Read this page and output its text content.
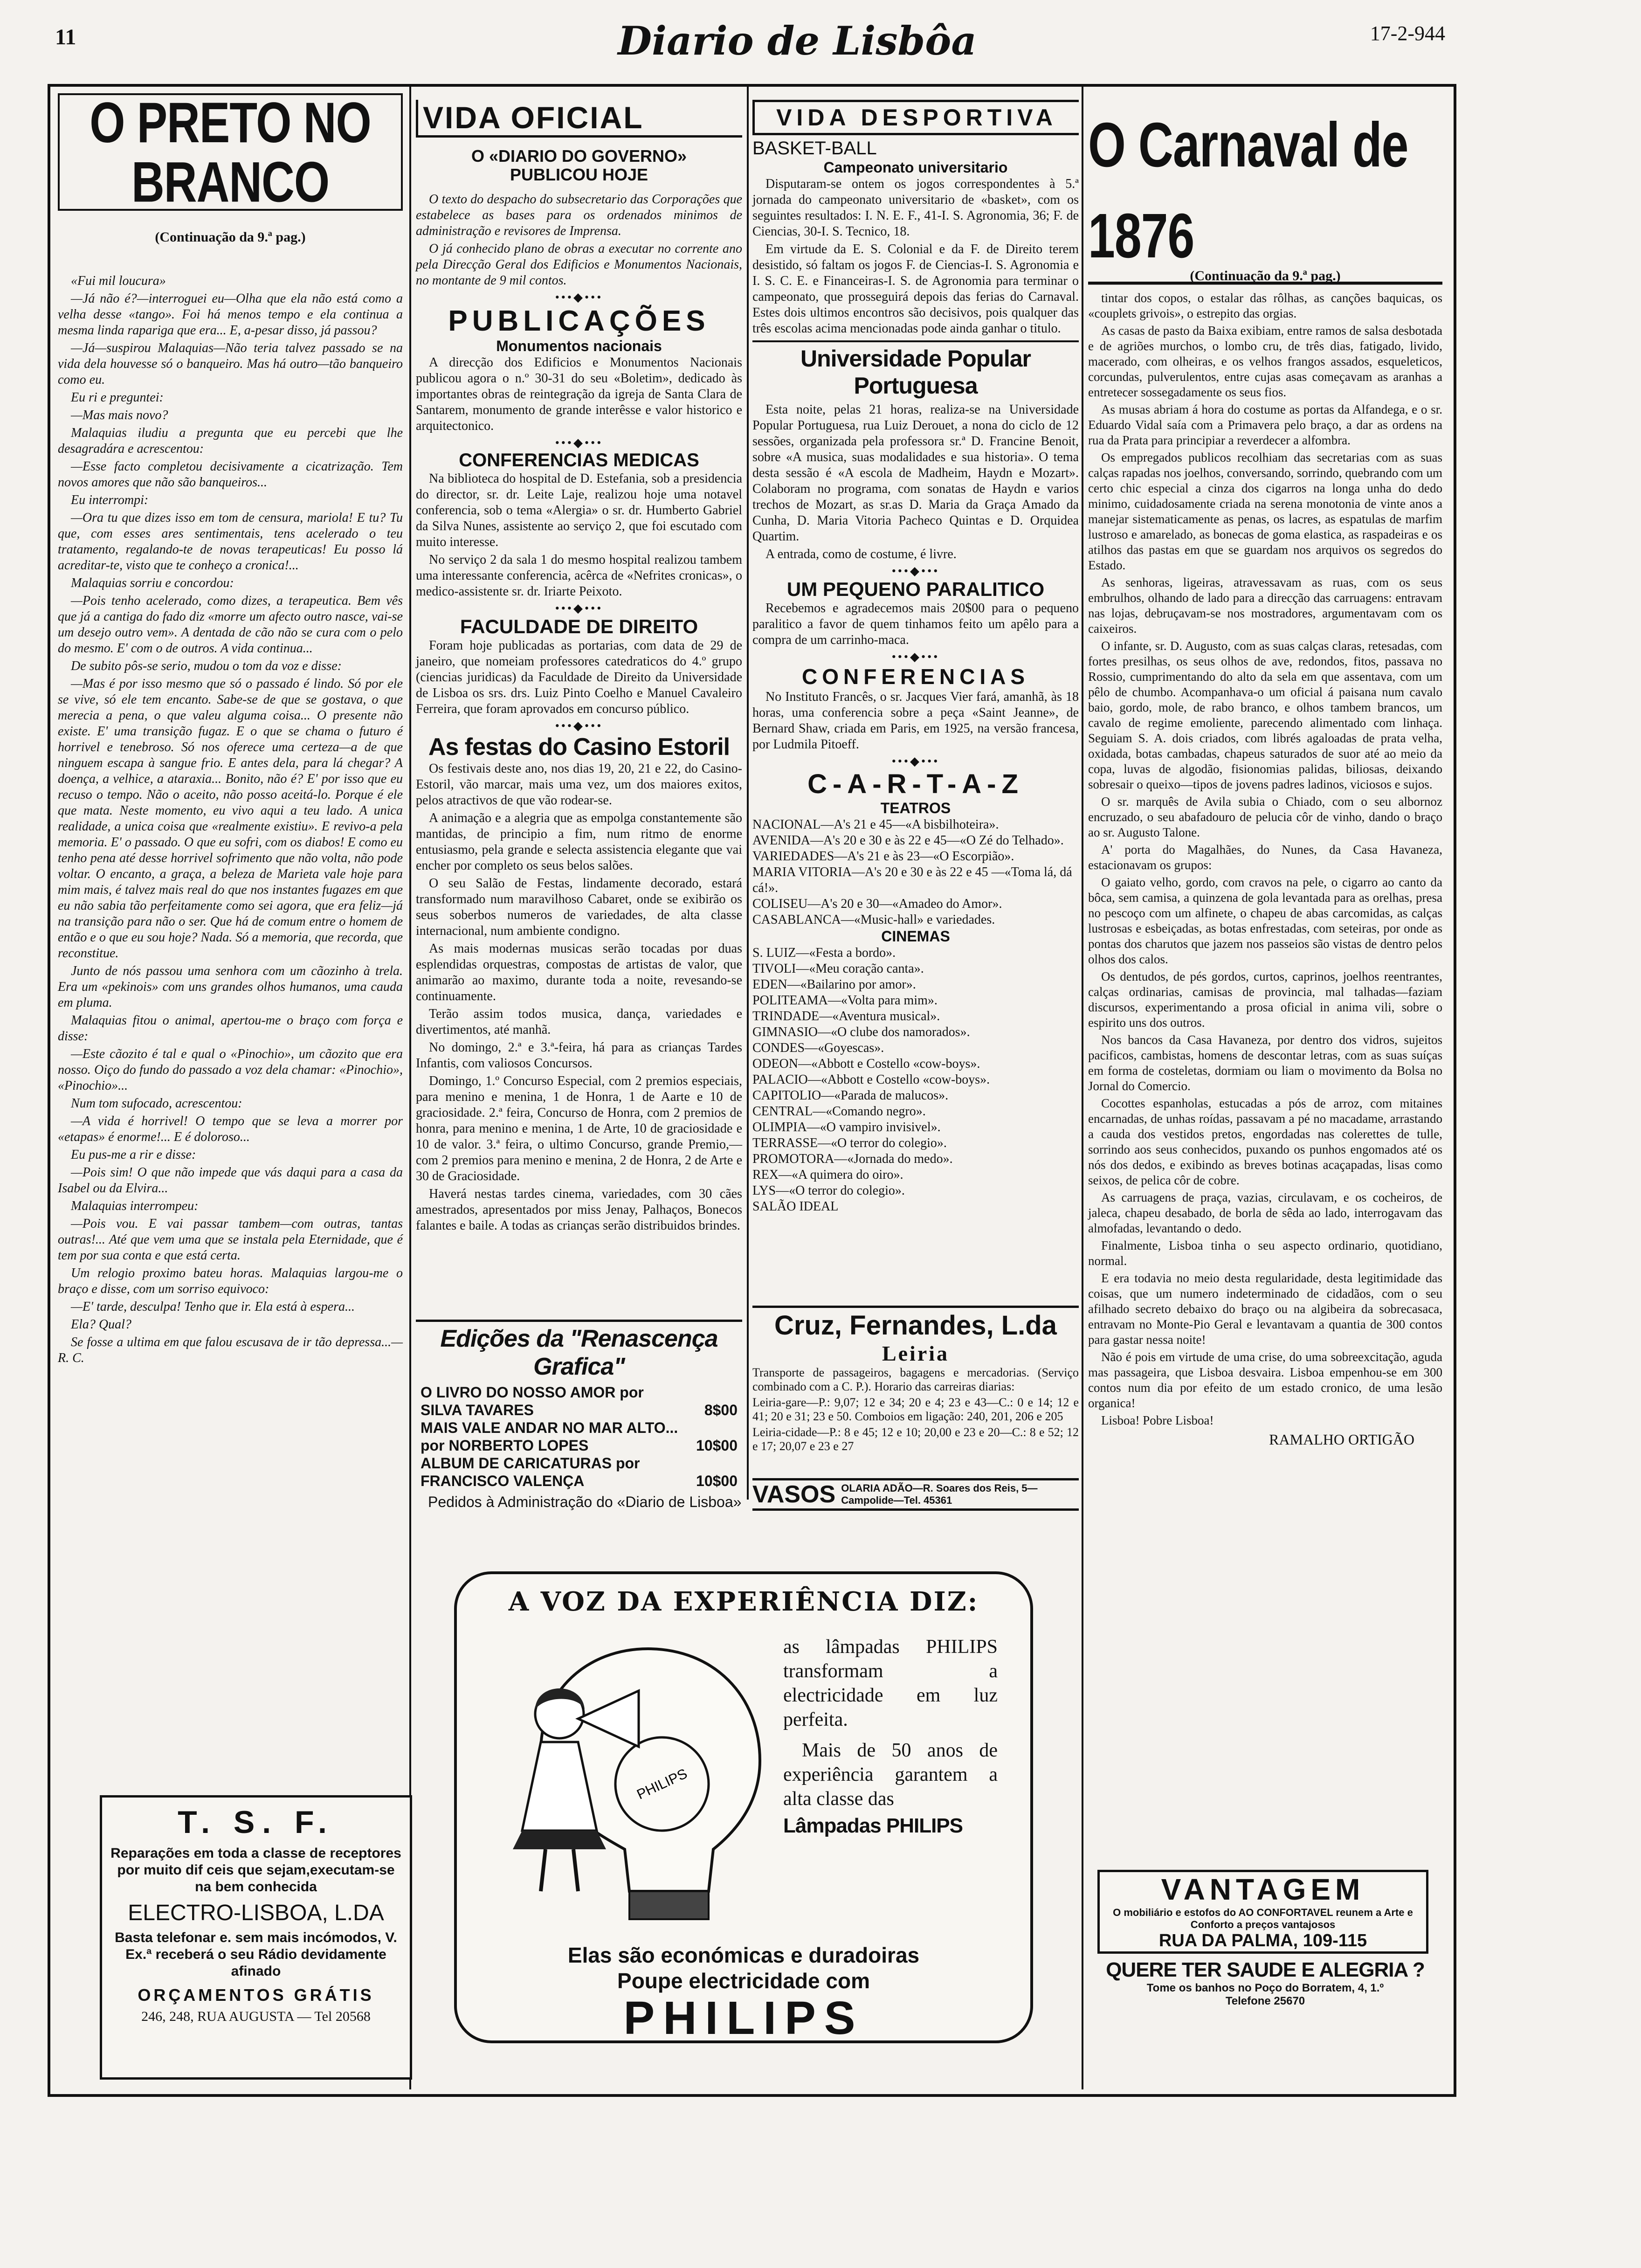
11	Diario de Lisbôa	17-2-944
O PRETO NO BRANCO
(Continuação da 9.ª pag.)

«Fui mil loucura»

—Já não é?—interroguei eu—Olha que ela não está como a velha desse «tango». Foi há menos tempo e ela continua a mesma linda rapariga que era... E, a-pesar disso, já passou?

—Já—suspirou Malaquias—Não teria talvez passado se na vida dela houvesse só o banqueiro. Mas há outro—tão banqueiro como eu.

Eu ri e preguntei:

—Mas mais novo?

Malaquias iludiu a pregunta que eu percebi que lhe desagradára e acrescentou:

—Esse facto completou decisivamente a cicatrização. Tem novos amores que não são banqueiros...

Eu interrompi:

—Ora tu que dizes isso em tom de censura, mariola! E tu? Tu que, com esses ares sentimentais, tens acelerado o teu tratamento, regalando-te de novas terapeuticas! Eu posso lá acreditar-te, visto que te conheço a cronica!...

Malaquias sorriu e concordou:

—Pois tenho acelerado, como dizes, a terapeutica. Bem vês que já a cantiga do fado diz «morre um afecto outro nasce, vai-se um desejo outro vem». A dentada de cão não se cura com o pelo do mesmo. E' com o de outros. A vida continua...

De subito pôs-se serio, mudou o tom da voz e disse:

—Mas é por isso mesmo que só o passado é lindo. Só por ele se vive, só ele tem encanto. Sabe-se de que se gostava, o que merecia a pena, o que valeu alguma coisa... O presente não existe. E' uma transição fugaz. E o que se chama o futuro é horrivel e tenebroso. Só nos oferece uma certeza—a de que ninguem escapa à sangue frio. E antes dela, para lá chegar? A doença, a velhice, a ataraxia... Bonito, não é? E' por isso que eu recuso o tempo. Não o aceito, não posso aceitá-lo. Porque é ele que mata. Neste momento, eu vivo aqui a teu lado. A unica realidade, a unica coisa que «realmente existiu». E revivo-a pela memoria. E' o passado. O que eu sofri, com os diabos! E como eu tenho pena até desse horrivel sofrimento que não volta, não pode voltar. O encanto, a graça, a beleza de Marieta vale hoje para mim mais, é talvez mais real do que nos instantes fugazes em que eu não sabia tão perfeitamente como sei agora, que era feliz—já na transição para não o ser. Que há de comum entre o homem de então e o que eu sou hoje? Nada. Só a memoria, que recorda, que reconstitue.

Junto de nós passou uma senhora com um cãozinho à trela. Era um «pekinois» com uns grandes olhos humanos, uma cauda em pluma.

Malaquias fitou o animal, apertou-me o braço com força e disse:

—Este cãozito é tal e qual o «Pinochio», um cãozito que era nosso. Oiço do fundo do passado a voz dela chamar: «Pinochio», «Pinochio»...

Num tom sufocado, acrescentou:

—A vida é horrivel! O tempo que se leva a morrer por «etapas» é enorme!... E é doloroso...

Eu pus-me a rir e disse:

—Pois sim! O que não impede que vás daqui para a casa da Isabel ou da Elvira...

Malaquias interrompeu:

—Pois vou. E vai passar tambem—com outras, tantas outras!... Até que vem uma que se instala pela Eternidade, que é tem por sua conta e que está certa.

Um relogio proximo bateu horas. Malaquias largou-me o braço e disse, com um sorriso equivoco:

—E' tarde, desculpa! Tenho que ir. Ela está à espera...

Ela? Qual?

Se fosse a ultima em que falou escusava de ir tão depressa...—R. C.

T. S. F.
Reparações em toda a classe de receptores por muito dif ceis que sejam,executam-se na bem conhecida
ELECTRO-LISBOA, L.DA
Basta telefonar e. sem mais incómodos, V. Ex.ª receberá o seu Rádio devidamente afinado
ORÇAMENTOS GRÁTIS
246, 248, RUA AUGUSTA — Tel 20568
VIDA OFICIAL
O «DIARIO DO GOVERNO» PUBLICOU HOJE

O texto do despacho do subsecretario das Corporações que estabelece as bases para os ordenados minimos de administração e revisores de Imprensa.

O já conhecido plano de obras a executar no corrente ano pela Direcção Geral dos Edificios e Monumentos Nacionais, no montante de 9 mil contos.

•••◆•••
PUBLICAÇÕES
Monumentos nacionais

A direcção dos Edificios e Monumentos Nacionais publicou agora o n.º 30-31 do seu «Boletim», dedicado às importantes obras de reintegração da igreja de Santa Clara de Santarem, monumento de grande interêsse e valor historico e arquitectonico.

•••◆•••
CONFERENCIAS MEDICAS

Na biblioteca do hospital de D. Estefania, sob a presidencia do director, sr. dr. Leite Laje, realizou hoje uma notavel conferencia, sob o tema «Alergia» o sr. dr. Humberto Gabriel da Silva Nunes, assistente ao serviço 2, que foi escutado com muito interesse.

No serviço 2 da sala 1 do mesmo hospital realizou tambem uma interessante conferencia, acêrca de «Nefrites cronicas», o medico-assistente sr. dr. Iriarte Peixoto.

•••◆•••
FACULDADE DE DIREITO

Foram hoje publicadas as portarias, com data de 29 de janeiro, que nomeiam professores catedraticos do 4.º grupo (ciencias juridicas) da Faculdade de Direito da Universidade de Lisboa os srs. drs. Luiz Pinto Coelho e Manuel Cavaleiro Ferreira, que foram aprovados em concurso público.

•••◆•••
As festas do Casino Estoril

Os festivais deste ano, nos dias 19, 20, 21 e 22, do Casino-Estoril, vão marcar, mais uma vez, um dos maiores exitos, pelos atractivos de que vão rodear-se.

A animação e a alegria que as empolga constantemente são mantidas, de principio a fim, num ritmo de enorme entusiasmo, pela grande e selecta assistencia elegante que vai encher por completo os seus belos salões.

O seu Salão de Festas, lindamente decorado, estará transformado num maravilhoso Cabaret, onde se exibirão os seus soberbos numeros de variedades, de alta classe internacional, num ambiente condigno.

As mais modernas musicas serão tocadas por duas esplendidas orquestras, compostas de artistas de valor, que animarão ao maximo, durante toda a noite, revesando-se continuamente.

Terão assim todos musica, dança, variedades e divertimentos, até manhã.

No domingo, 2.ª e 3.ª-feira, há para as crianças Tardes Infantis, com valiosos Concursos.

Domingo, 1.º Concurso Especial, com 2 premios especiais, para menino e menina, 1 de Honra, 1 de Aarte e 10 de graciosidade. 2.ª feira, Concurso de Honra, com 2 premios de honra, para menino e menina, 1 de Arte, 10 de graciosidade e 10 de valor. 3.ª feira, o ultimo Concurso, grande Premio,—com 2 premios para menino e menina, 2 de Honra, 2 de Arte e 30 de Graciosidade.

Haverá nestas tardes cinema, variedades, com 30 cães amestrados, apresentados por miss Jenay, Palhaços, Bonecos falantes e baile. A todas as crianças serão distribuidos brindes.

Edições da "Renascença Grafica"
O LIVRO DO NOSSO AMOR por SILVA TAVARES	8$00
MAIS VALE ANDAR NO MAR ALTO... por NORBERTO LOPES	10$00
ALBUM DE CARICATURAS por FRANCISCO VALENÇA	10$00
Pedidos à Administração do «Diario de Lisboa»
VIDA DESPORTIVA
BASKET-BALL
Campeonato universitario

Disputaram-se ontem os jogos correspondentes à 5.ª jornada do campeonato universitario de «basket», com os seguintes resultados: I. N. E. F., 41-I. S. Agronomia, 36; F. de Ciencias, 30-I. S. Tecnico, 18.

Em virtude da E. S. Colonial e da F. de Direito terem desistido, só faltam os jogos F. de Ciencias-I. S. Agronomia e I. S. C. E. e Financeiras-I. S. de Agronomia para terminar o campeonato, que prosseguirá depois das ferias do Carnaval. Estes dois ultimos encontros são decisivos, pois qualquer das três escolas acima mencionadas pode ainda ganhar o titulo.

Universidade Popular Portuguesa

Esta noite, pelas 21 horas, realiza-se na Universidade Popular Portuguesa, rua Luiz Derouet, a nona do ciclo de 12 sessões, organizada pela professora sr.ª D. Francine Benoit, sobre «A musica, suas modalidades e sua historia». O tema desta sessão é «A escola de Madheim, Haydn e Mozart». Colaboram no programa, com sonatas de Haydn e varios trechos de Mozart, as sr.as D. Maria da Graça Amado da Cunha, D. Maria Vitoria Pacheco Quintas e D. Orquidea Quartim.

A entrada, como de costume, é livre.

•••◆•••
UM PEQUENO PARALITICO

Recebemos e agradecemos mais 20$00 para o pequeno paralitico a favor de quem tinhamos feito um apêlo para a compra de um carrinho-maca.

•••◆•••
CONFERENCIAS

No Instituto Francês, o sr. Jacques Vier fará, amanhã, às 18 horas, uma conferencia sobre a peça «Saint Jeanne», de Bernard Shaw, criada em Paris, em 1925, na versão francesa, por Ludmila Pitoeff.

•••◆•••
C-A-R-T-A-Z
TEATROS
NACIONAL—A's 21 e 45—«A bisbilhoteira».
AVENIDA—A's 20 e 30 e às 22 e 45—«O Zé do Telhado».
VARIEDADES—A's 21 e às 23—«O Escorpião».
MARIA VITORIA—A's 20 e 30 e às 22 e 45 —«Toma lá, dá cá!».
COLISEU—A's 20 e 30—«Amadeo do Amor».
CASABLANCA—«Music-hall» e variedades.
CINEMAS
S. LUIZ—«Festa a bordo».
TIVOLI—«Meu coração canta».
EDEN—«Bailarino por amor».
POLITEAMA—«Volta para mim».
TRINDADE—«Aventura musical».
GIMNASIO—«O clube dos namorados».
CONDES—«Goyescas».
ODEON—«Abbott e Costello «cow-boys».
PALACIO—«Abbott e Costello «cow-boys».
CAPITOLIO—«Parada de malucos».
CENTRAL—«Comando negro».
OLIMPIA—«O vampiro invisivel».
TERRASSE—«O terror do colegio».
PROMOTORA—«Jornada do medo».
REX—«A quimera do oiro».
LYS—«O terror do colegio».
SALÃO IDEAL
Cruz, Fernandes, L.da
Leiria
Transporte de passageiros, bagagens e mercadorias. (Serviço combinado com a C. P.). Horario das carreiras diarias:
Leiria-gare—P.: 9,07; 12 e 34; 20 e 4; 23 e 43—C.: 0 e 14; 12 e 41; 20 e 31; 23 e 50. Comboios em ligação: 240, 201, 206 e 205
Leiria-cidade—P.: 8 e 45; 12 e 10; 20,00 e 23 e 20—C.: 8 e 52; 12 e 17; 20,07 e 23 e 27
VASOS OLARIA ADÃO—R. Soares dos Reis, 5—Campolide—Tel. 45361
O Carnaval de 1876
(Continuação da 9.ª pag.)

tintar dos copos, o estalar das rôlhas, as canções baquicas, os «couplets grivois», o estrepito das orgias.

As casas de pasto da Baixa exibiam, entre ramos de salsa desbotada e de agriões murchos, o lombo cru, de três dias, fatigado, livido, macerado, com olheiras, e os velhos frangos assados, esqueleticos, corcundas, pulverulentos, entre cujas asas começavam as aranhas a entretecer sossegadamente os seus fios.

As musas abriam á hora do costume as portas da Alfandega, e o sr. Eduardo Vidal saía com a Primavera pelo braço, a dar as ordens na rua da Prata para principiar a reverdecer a alfombra.

Os empregados publicos recolhiam das secretarias com as suas calças rapadas nos joelhos, conversando, sorrindo, quebrando com um certo chic especial a cinza dos cigarros na longa unha do dedo minimo, cuidadosamente criada na serena monotonia de vinte anos a manejar sistematicamente as penas, os lacres, as espatulas de marfim lustroso e amarelado, as bonecas de goma elastica, as raspadeiras e os atilhos das pastas em que se guardam nos arquivos os segredos do Estado.

As senhoras, ligeiras, atravessavam as ruas, com os seus embrulhos, olhando de lado para a direcção das carruagens: entravam nas lojas, debruçavam-se nos mostradores, argumentavam com os caixeiros.

O infante, sr. D. Augusto, com as suas calças claras, retesadas, com fortes presilhas, os seus olhos de ave, redondos, fitos, passava no Rossio, cumprimentando do alto da sela em que assentava, com um pêlo de chumbo. Acompanhava-o um oficial á paisana num cavalo baio, gordo, mole, de rabo branco, e olhos tambem brancos, um cavalo de regime emoliente, parecendo alimentado com linhaça. Seguiam S. A. dois criados, com librés agaloadas de prata velha, oxidada, botas cambadas, chapeus saturados de suor até ao meio da copa, luvas de algodão, fisionomias palidas, biliosas, deixando sobresair o queixo—tipos de jovens padres ladinos, viciosos e sujos.

O sr. marquês de Avila subia o Chiado, com o seu albornoz encruzado, o seu abafadouro de pelucia côr de vinho, dando o braço ao sr. Augusto Talone.

A' porta do Magalhães, do Nunes, da Casa Havaneza, estacionavam os grupos:

O gaiato velho, gordo, com cravos na pele, o cigarro ao canto da bôca, sem camisa, a quinzena de gola levantada para as orelhas, presa no pescoço com um alfinete, o chapeu de abas carcomidas, as calças lustrosas e esbeiçadas, as botas enfrestadas, com seteiras, por onde as pontas dos charutos que jazem nos passeios são vistas de dentro pelos olhos dos calos.

Os dentudos, de pés gordos, curtos, caprinos, joelhos reentrantes, calças ordinarias, camisas de provincia, mal talhadas—faziam discursos, experimentando a prosa oficial in anima vili, sobre o espirito uns dos outros.

Nos bancos da Casa Havaneza, por dentro dos vidros, sujeitos pacificos, cambistas, homens de descontar letras, com as suas suíças em forma de costeletas, dormiam ou liam o movimento da Bolsa no Jornal do Comercio.

Cocottes espanholas, estucadas a pós de arroz, com mitaines encarnadas, de unhas roídas, passavam a pé no macadame, arrastando a cauda dos vestidos pretos, engordadas nas colerettes de tulle, sorrindo aos seus conhecidos, puxando os punhos engomados até os nós dos dedos, e exibindo as breves botinas acaçapadas, lisas como seixos, de pelica côr de cobre.

As carruagens de praça, vazias, circulavam, e os cocheiros, de jaleca, chapeu desabado, de borla de sêda ao lado, interrogavam das almofadas, levantando o dedo.

Finalmente, Lisboa tinha o seu aspecto ordinario, quotidiano, normal.

E era todavia no meio desta regularidade, desta legitimidade das coisas, que um numero indeterminado de cidadãos, com o seu afilhado secreto debaixo do braço ou na algibeira da sobrecasaca, entravam no Monte-Pio Geral e levantavam a quantia de 300 contos para gastar nessa noite!

Não é pois em virtude de uma crise, do uma sobreexcitação, aguda mas passageira, que Lisboa desvaira. Lisboa empenhou-se em 300 contos num dia por efeito de um estado cronico, de uma lesão organica!

Lisboa! Pobre Lisboa!

RAMALHO ORTIGÃO
VANTAGEM
O mobiliário e estofos do AO CONFORTAVEL reunem a Arte e Conforto a preços vantajosos
RUA DA PALMA, 109-115
QUERE TER SAUDE E ALEGRIA ?
Tome os banhos no Poço do Borratem, 4, 1.º Telefone 25670
A VOZ DA EXPERIÊNCIA DIZ:
PHILIPS
as lâmpadas PHILIPS transformam a electricidade em luz perfeita.
Mais de 50 anos de experiência garantem a alta classe das
Lâmpadas PHILIPS
Elas são económicas e duradoiras
Poupe electricidade com
PHILIPS
